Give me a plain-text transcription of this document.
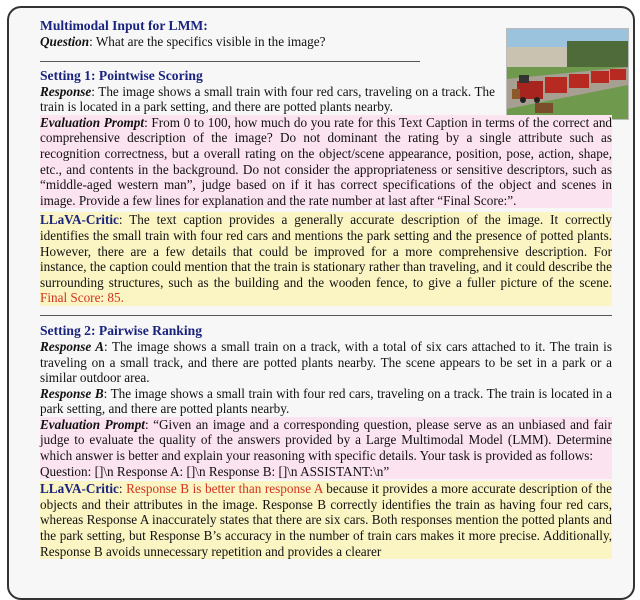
Multimodal Input for LMM:

Question: What are the specifics visible in the image?

Setting 1: Pointwise Scoring

Response: The image shows a small train with four red cars, traveling on a track. The train is located in a park setting, and there are potted plants nearby.

Evaluation Prompt: From 0 to 100, how much do you rate for this Text Caption in terms of the correct and comprehensive description of the image? Do not dominant the rating by a single attribute such as recognition correctness, but a overall rating on the object/scene appearance, position, pose, action, shape, etc., and contents in the background. Do not consider the appropriateness or sensitive descriptors, such as “middle-aged western man”, judge based on if it has correct specifications of the object and scenes in image. Provide a few lines for explanation and the rate number at last after “Final Score:”.

LLaVA-Critic: The text caption provides a generally accurate description of the image. It correctly identifies the small train with four red cars and mentions the park setting and the presence of potted plants. However, there are a few details that could be improved for a more comprehensive description. For instance, the caption could mention that the train is stationary rather than traveling, and it could describe the surrounding structures, such as the building and the wooden fence, to give a fuller picture of the scene. Final Score: 85.

Setting 2: Pairwise Ranking

Response A: The image shows a small train on a track, with a total of six cars attached to it. The train is traveling on a small track, and there are potted plants nearby. The scene appears to be set in a park or a similar outdoor area.

Response B: The image shows a small train with four red cars, traveling on a track. The train is located in a park setting, and there are potted plants nearby.

Evaluation Prompt: “Given an image and a corresponding question, please serve as an unbiased and fair judge to evaluate the quality of the answers provided by a Large Multimodal Model (LMM). Determine which answer is better and explain your reasoning with specific details. Your task is provided as follows:

Question: []\n Response A: []\n Response B: []\n ASSISTANT:\n”

LLaVA-Critic: Response B is better than response A because it provides a more accurate description of the objects and their attributes in the image. Response B correctly identifies the train as having four red cars, whereas Response A inaccurately states that there are six cars. Both responses mention the potted plants and the park setting, but Response B’s accuracy in the number of train cars makes it more precise. Additionally, Response B avoids unnecessary repetition and provides a clearer
